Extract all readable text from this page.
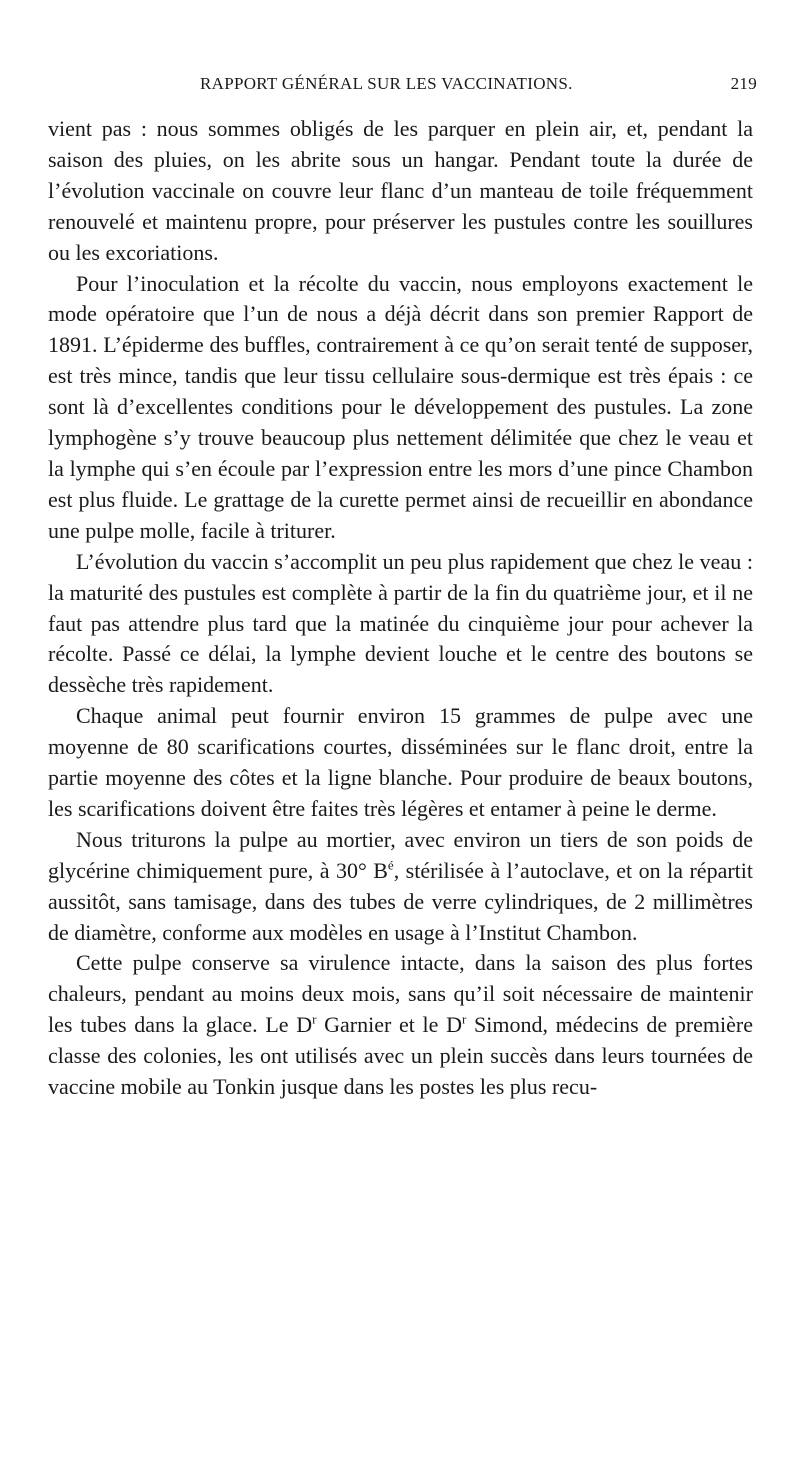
RAPPORT GÉNÉRAL SUR LES VACCINATIONS.	219

vient pas : nous sommes obligés de les parquer en plein air, et, pendant la saison des pluies, on les abrite sous un hangar. Pendant toute la durée de l’évolution vaccinale on couvre leur flanc d’un manteau de toile fréquemment renouvelé et maintenu propre, pour préserver les pustules contre les souillures ou les excoriations.

Pour l’inoculation et la récolte du vaccin, nous employons exactement le mode opératoire que l’un de nous a déjà décrit dans son premier Rapport de 1891. L’épiderme des buffles, contrairement à ce qu’on serait tenté de supposer, est très mince, tandis que leur tissu cellulaire sous-dermique est très épais : ce sont là d’excellentes conditions pour le développement des pustules. La zone lymphogène s’y trouve beaucoup plus nettement délimitée que chez le veau et la lymphe qui s’en écoule par l’expression entre les mors d’une pince Chambon est plus fluide. Le grattage de la curette permet ainsi de recueillir en abondance une pulpe molle, facile à triturer.

L’évolution du vaccin s’accomplit un peu plus rapidement que chez le veau : la maturité des pustules est complète à partir de la fin du quatrième jour, et il ne faut pas attendre plus tard que la matinée du cinquième jour pour achever la récolte. Passé ce délai, la lymphe devient louche et le centre des boutons se dessèche très rapidement.

Chaque animal peut fournir environ 15 grammes de pulpe avec une moyenne de 80 scarifications courtes, disséminées sur le flanc droit, entre la partie moyenne des côtes et la ligne blanche. Pour produire de beaux boutons, les scarifications doivent être faites très légères et entamer à peine le derme.

Nous triturons la pulpe au mortier, avec environ un tiers de son poids de glycérine chimiquement pure, à 30° $B^é$, stérilisée à l’autoclave, et on la répartit aussitôt, sans tamisage, dans des tubes de verre cylindriques, de 2 millimètres de diamètre, conforme aux modèles en usage à l’Institut Chambon.

Cette pulpe conserve sa virulence intacte, dans la saison des plus fortes chaleurs, pendant au moins deux mois, sans qu’il soit nécessaire de maintenir les tubes dans la glace. Le $D^r$ Garnier et le $D^r$ Simond, médecins de première classe des colonies, les ont utilisés avec un plein succès dans leurs tournées de vaccine mobile au Tonkin jusque dans les postes les plus recu-
